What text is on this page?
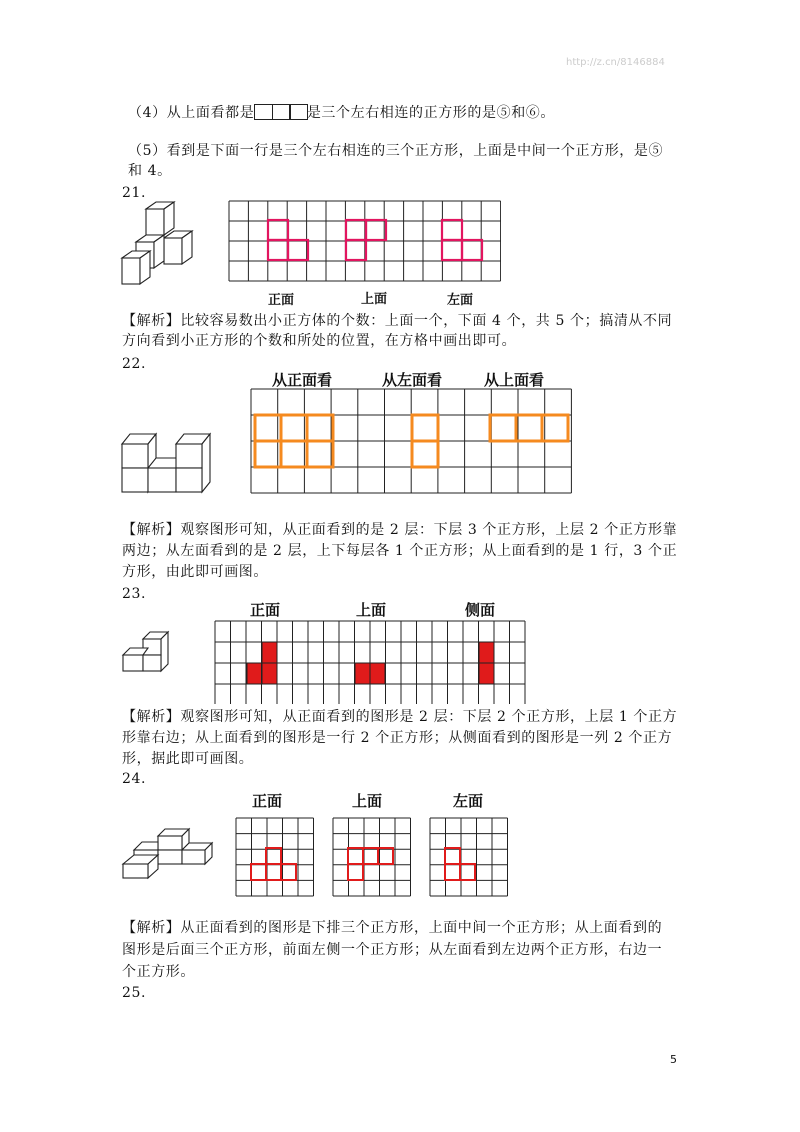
http://z.cn/8146884
（4）从上面看都是	是三个左右相连的正方形的是⑤和⑥。
（5）看到是下面一行是三个左右相连的三个正方形，上面是中间一个正方形，是⑤
和 4。
21.
正面	上面	左面
【解析】比较容易数出小正方体的个数：上面一个，下面 4 个，共 5 个；搞清从不同
方向看到小正方形的个数和所处的位置，在方格中画出即可。
22.
从正面看	从左面看	从上面看
【解析】观察图形可知，从正面看到的是 2 层：下层 3 个正方形，上层 2 个正方形靠
两边；从左面看到的是 2 层，上下每层各 1 个正方形；从上面看到的是 1 行，3 个正
方形，由此即可画图。
23.
正面	上面	侧面
【解析】观察图形可知，从正面看到的图形是 2 层：下层 2 个正方形，上层 1 个正方
形靠右边；从上面看到的图形是一行 2 个正方形；从侧面看到的图形是一列 2 个正方
形，据此即可画图。
24.
正面	上面	左面
【解析】从正面看到的图形是下排三个正方形，上面中间一个正方形；从上面看到的
图形是后面三个正方形，前面左侧一个正方形；从左面看到左边两个正方形，右边一
个正方形。
25.
5
